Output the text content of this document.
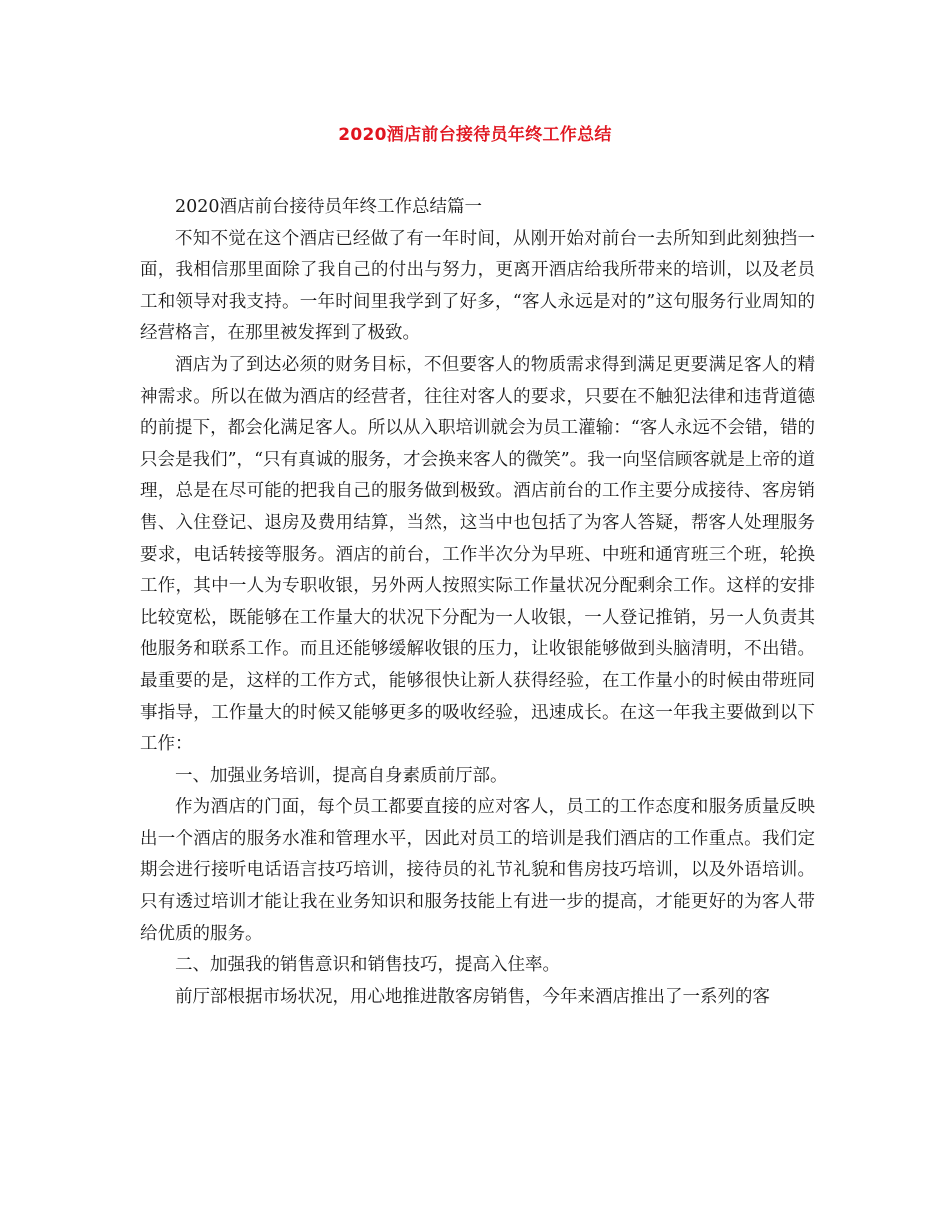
2020酒店前台接待员年终工作总结

2020酒店前台接待员年终工作总结篇一

不知不觉在这个酒店已经做了有一年时间，从刚开始对前台一去所知到此刻独挡一面，我相信那里面除了我自己的付出与努力，更离开酒店给我所带来的培训，以及老员工和领导对我支持。一年时间里我学到了好多，“客人永远是对的”这句服务行业周知的经营格言，在那里被发挥到了极致。

酒店为了到达必须的财务目标，不但要客人的物质需求得到满足更要满足客人的精神需求。所以在做为酒店的经营者，往往对客人的要求，只要在不触犯法律和违背道德的前提下，都会化满足客人。所以从入职培训就会为员工灌输：“客人永远不会错，错的只会是我们”，“只有真诚的服务，才会换来客人的微笑”。我一向坚信顾客就是上帝的道理，总是在尽可能的把我自己的服务做到极致。酒店前台的工作主要分成接待、客房销售、入住登记、退房及费用结算，当然，这当中也包括了为客人答疑，帮客人处理服务要求，电话转接等服务。酒店的前台，工作半次分为早班、中班和通宵班三个班，轮换工作，其中一人为专职收银，另外两人按照实际工作量状况分配剩余工作。这样的安排比较宽松，既能够在工作量大的状况下分配为一人收银，一人登记推销，另一人负责其他服务和联系工作。而且还能够缓解收银的压力，让收银能够做到头脑清明，不出错。最重要的是，这样的工作方式，能够很快让新人获得经验，在工作量小的时候由带班同事指导，工作量大的时候又能够更多的吸收经验，迅速成长。在这一年我主要做到以下工作：

一、加强业务培训，提高自身素质前厅部。

作为酒店的门面，每个员工都要直接的应对客人，员工的工作态度和服务质量反映出一个酒店的服务水准和管理水平，因此对员工的培训是我们酒店的工作重点。我们定期会进行接听电话语言技巧培训，接待员的礼节礼貌和售房技巧培训，以及外语培训。只有透过培训才能让我在业务知识和服务技能上有进一步的提高，才能更好的为客人带给优质的服务。

二、加强我的销售意识和销售技巧，提高入住率。

前厅部根据市场状况，用心地推进散客房销售，今年来酒店推出了一系列的客
